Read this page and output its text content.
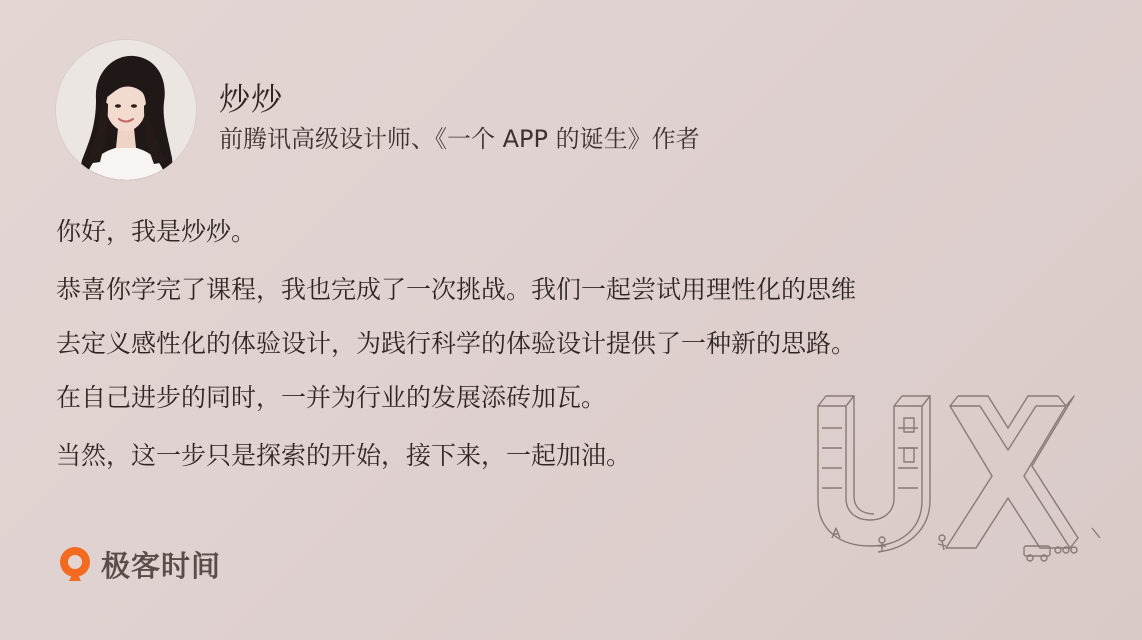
炒炒
前腾讯高级设计师、《一个 APP 的诞生》作者

你好，我是炒炒。

恭喜你学完了课程，我也完成了一次挑战。我们一起尝试用理性化的思维
去定义感性化的体验设计，为践行科学的体验设计提供了一种新的思路。
在自己进步的同时，一并为行业的发展添砖加瓦。

当然，这一步只是探索的开始，接下来，一起加油。

极客时间
